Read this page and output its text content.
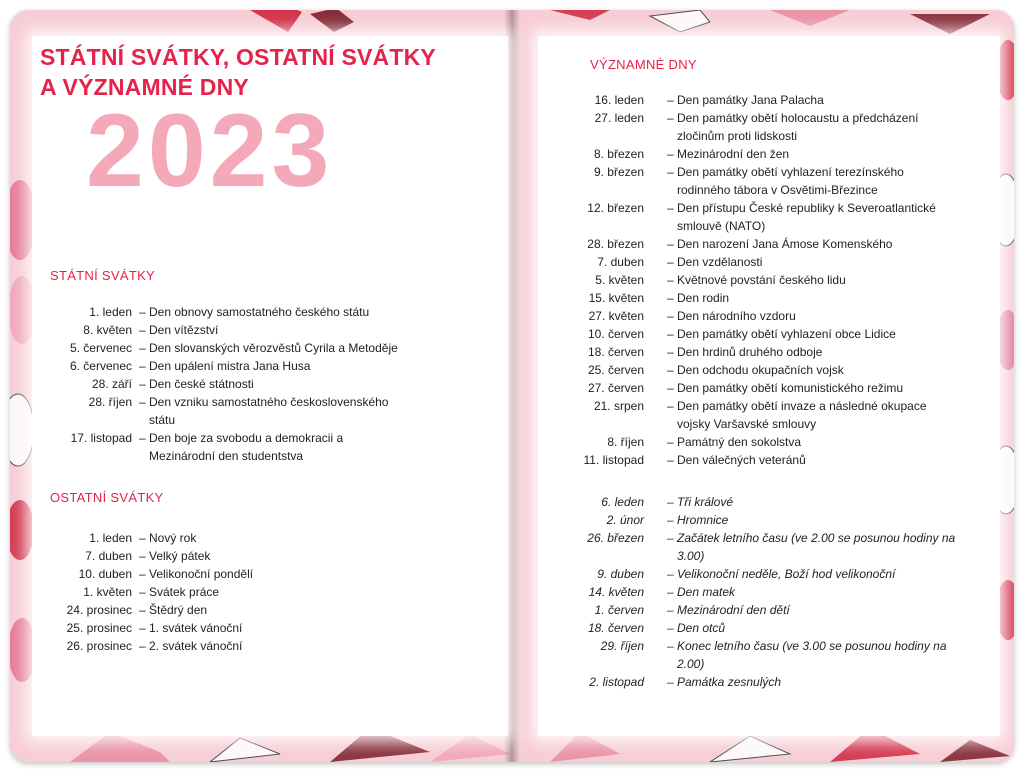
STÁTNÍ SVÁTKY, OSTATNÍ SVÁTKY
A VÝZNAMNÉ DNY
2023
STÁTNÍ SVÁTKY
1. leden – Den obnovy samostatného českého státu
8. květen – Den vítězství
5. červenec – Den slovanských věrozvěstů Cyrila a Metoděje
6. červenec – Den upálení mistra Jana Husa
28. září – Den české státnosti
28. říjen – Den vzniku samostatného československého státu
17. listopad – Den boje za svobodu a demokracii a Mezinárodní den studentstva
OSTATNÍ SVÁTKY
1. leden – Nový rok
7. duben – Velký pátek
10. duben – Velikonoční pondělí
1. květen – Svátek práce
24. prosinec – Štědrý den
25. prosinec – 1. svátek vánoční
26. prosinec – 2. svátek vánoční
VÝZNAMNÉ DNY
16. leden – Den památky Jana Palacha
27. leden – Den památky obětí holocaustu a předcházení zločinům proti lidskosti
8. březen – Mezinárodní den žen
9. březen – Den památky obětí vyhlazení terezínského rodinného tábora v Osvětimi-Březince
12. březen – Den přístupu České republiky k Severoatlantické smlouvě (NATO)
28. březen – Den narození Jana Ámose Komenského
7. duben – Den vzdělanosti
5. květen – Květnové povstání českého lidu
15. květen – Den rodin
27. květen – Den národního vzdoru
10. červen – Den památky obětí vyhlazení obce Lidice
18. červen – Den hrdinů druhého odboje
25. červen – Den odchodu okupačních vojsk
27. červen – Den památky obětí komunistického režimu
21. srpen – Den památky obětí invaze a následné okupace vojsky Varšavské smlouvy
8. říjen – Památný den sokolstva
11. listopad – Den válečných veteránů
6. leden – Tři králové
2. únor – Hromnice
26. březen – Začátek letního času (ve 2.00 se posunou hodiny na 3.00)
9. duben – Velikonoční neděle, Boží hod velikonoční
14. květen – Den matek
1. červen – Mezinárodní den dětí
18. červen – Den otců
29. říjen – Konec letního času (ve 3.00 se posunou hodiny na 2.00)
2. listopad – Památka zesnulých
